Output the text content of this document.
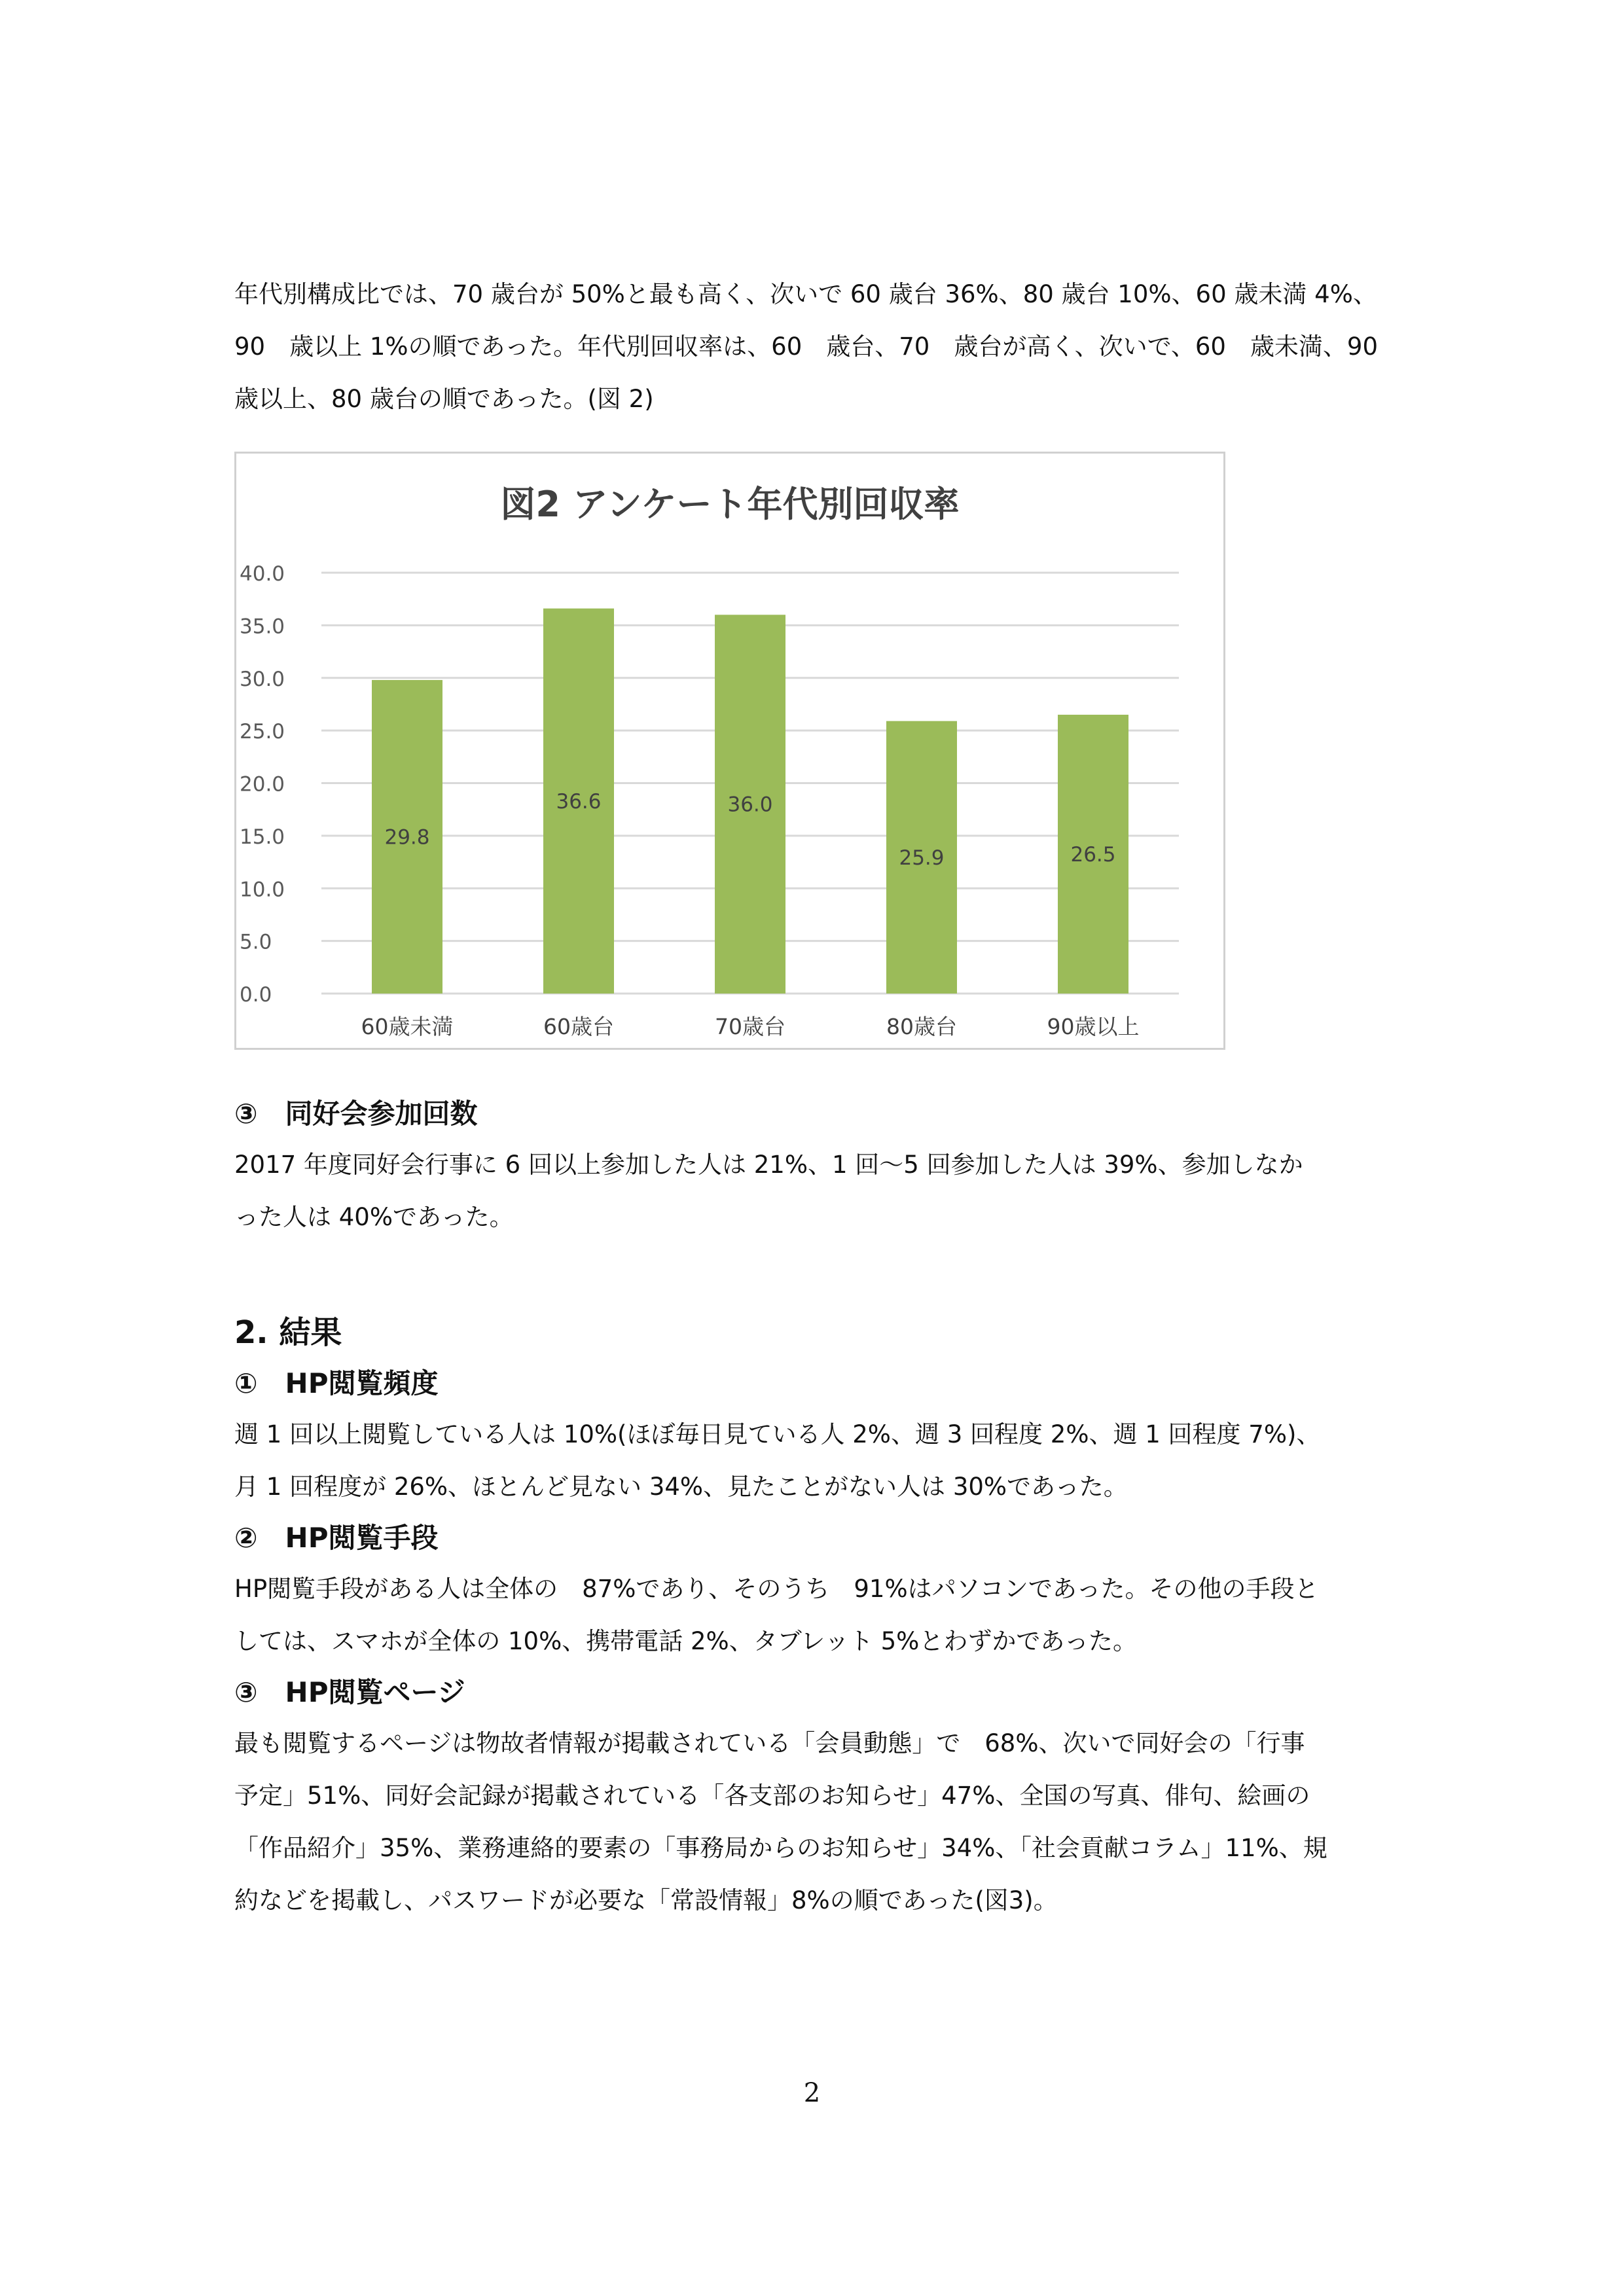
年代別構成比では、70 歳台が 50%と最も高く、次いで 60 歳台 36%、80 歳台 10%、60 歳未満 4%、
90　歳以上 1%の順であった。年代別回収率は、60　歳台、70　歳台が高く、次いで、60　歳未満、90
歳以上、80 歳台の順であった。(図 2)

図2 アンケート年代別回収率
0.0
5.0
10.0
15.0
20.0
25.0
30.0
35.0
40.0
29.8
36.6	36.0
25.9	26.5
60歳未満	60歳台	70歳台	80歳台	90歳以上

③　同好会参加回数

2017 年度同好会行事に 6 回以上参加した人は 21%、1 回～5 回参加した人は 39%、参加しなか
った人は 40%であった。

2. 結果

①　HP閲覧頻度

週 1 回以上閲覧している人は 10%(ほぼ毎日見ている人 2%、週 3 回程度 2%、週 1 回程度 7%)、
月 1 回程度が 26%、ほとんど見ない 34%、見たことがない人は 30%であった。

②　HP閲覧手段

HP閲覧手段がある人は全体の　87%であり、そのうち　91%はパソコンであった。その他の手段と
しては、スマホが全体の 10%、携帯電話 2%、タブレット 5%とわずかであった。

③　HP閲覧ページ

最も閲覧するページは物故者情報が掲載されている「会員動態」で　68%、次いで同好会の「行事
予定」51%、同好会記録が掲載されている「各支部のお知らせ」47%、全国の写真、俳句、絵画の
「作品紹介」35%、業務連絡的要素の「事務局からのお知らせ」34%、「社会貢献コラム」11%、規
約などを掲載し、パスワードが必要な「常設情報」8%の順であった(図3)。

2
